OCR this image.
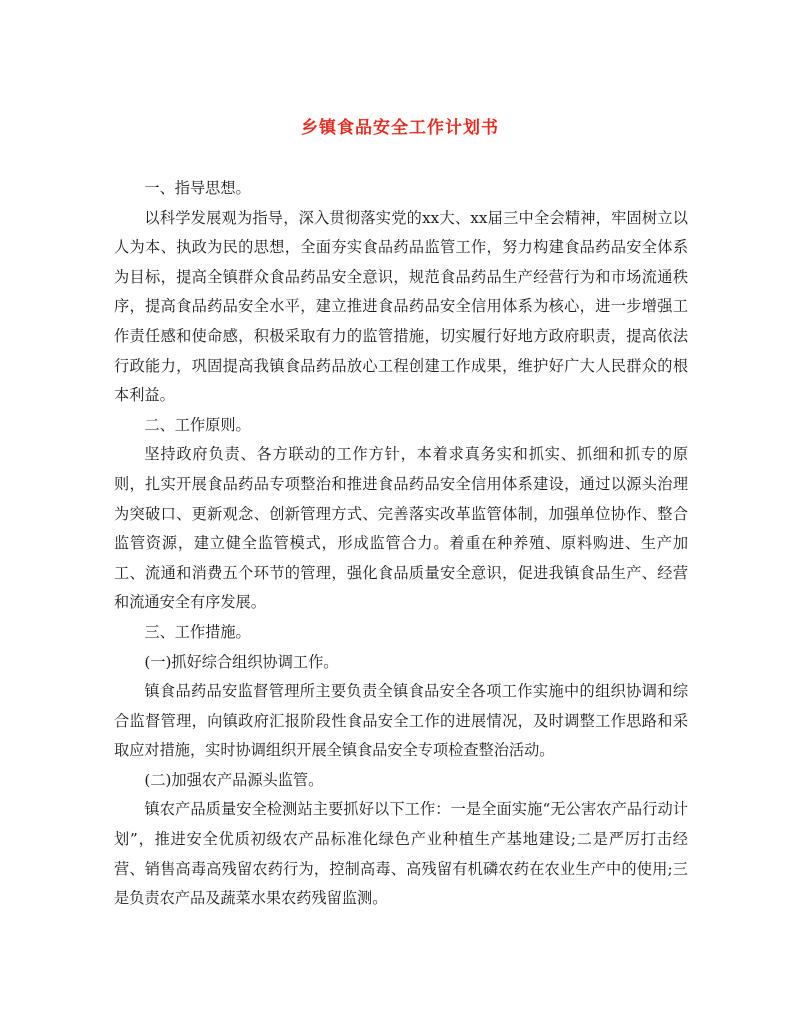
乡镇食品安全工作计划书

一、指导思想。

以科学发展观为指导，深入贯彻落实党的xx大、xx届三中全会精神，牢固树立以人为本、执政为民的思想，全面夯实食品药品监管工作，努力构建食品药品安全体系为目标，提高全镇群众食品药品安全意识，规范食品药品生产经营行为和市场流通秩序，提高食品药品安全水平，建立推进食品药品安全信用体系为核心，进一步增强工作责任感和使命感，积极采取有力的监管措施，切实履行好地方政府职责，提高依法行政能力，巩固提高我镇食品药品放心工程创建工作成果，维护好广大人民群众的根本利益。

二、工作原则。

坚持政府负责、各方联动的工作方针，本着求真务实和抓实、抓细和抓专的原则，扎实开展食品药品专项整治和推进食品药品安全信用体系建设，通过以源头治理为突破口、更新观念、创新管理方式、完善落实改革监管体制，加强单位协作、整合监管资源，建立健全监管模式，形成监管合力。着重在种养殖、原料购进、生产加工、流通和消费五个环节的管理，强化食品质量安全意识，促进我镇食品生产、经营和流通安全有序发展。

三、工作措施。

(一)抓好综合组织协调工作。

镇食品药品安监督管理所主要负责全镇食品安全各项工作实施中的组织协调和综合监督管理，向镇政府汇报阶段性食品安全工作的进展情况，及时调整工作思路和采取应对措施，实时协调组织开展全镇食品安全专项检查整治活动。

(二)加强农产品源头监管。

镇农产品质量安全检测站主要抓好以下工作：一是全面实施“无公害农产品行动计划”，推进安全优质初级农产品标准化绿色产业种植生产基地建设;二是严厉打击经营、销售高毒高残留农药行为，控制高毒、高残留有机磷农药在农业生产中的使用;三是负责农产品及蔬菜水果农药残留监测。
